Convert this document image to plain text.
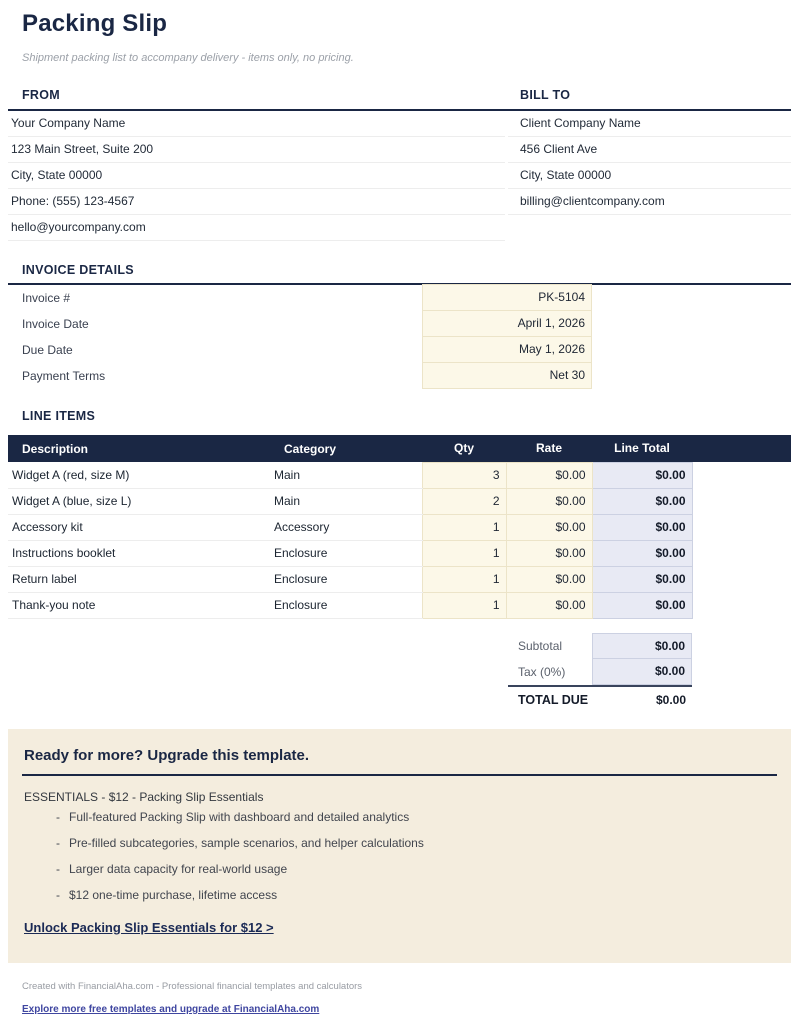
Packing Slip
Shipment packing list to accompany delivery - items only, no pricing.
FROM	BILL TO
Your Company Name
123 Main Street, Suite 200
City, State 00000
Phone: (555) 123-4567
hello@yourcompany.com
Client Company Name
456 Client Ave
City, State 00000
billing@clientcompany.com
INVOICE DETAILS
Invoice #	PK-5104
Invoice Date	April 1, 2026
Due Date	May 1, 2026
Payment Terms	Net 30
LINE ITEMS
Description	Category	Qty	Rate	Line Total	
Widget A (red, size M)	Main	3	$0.00	$0.00	
Widget A (blue, size L)	Main	2	$0.00	$0.00	
Accessory kit	Accessory	1	$0.00	$0.00	
Instructions booklet	Enclosure	1	$0.00	$0.00	
Return label	Enclosure	1	$0.00	$0.00	
Thank-you note	Enclosure	1	$0.00	$0.00	
Subtotal	$0.00
Tax (0%)	$0.00
TOTAL DUE	$0.00
Ready for more? Upgrade this template.
ESSENTIALS - $12 - Packing Slip Essentials
- Full-featured Packing Slip with dashboard and detailed analytics
- Pre-filled subcategories, sample scenarios, and helper calculations
- Larger data capacity for real-world usage
- $12 one-time purchase, lifetime access
Unlock Packing Slip Essentials for $12 >
Created with FinancialAha.com - Professional financial templates and calculators
Explore more free templates and upgrade at FinancialAha.com
